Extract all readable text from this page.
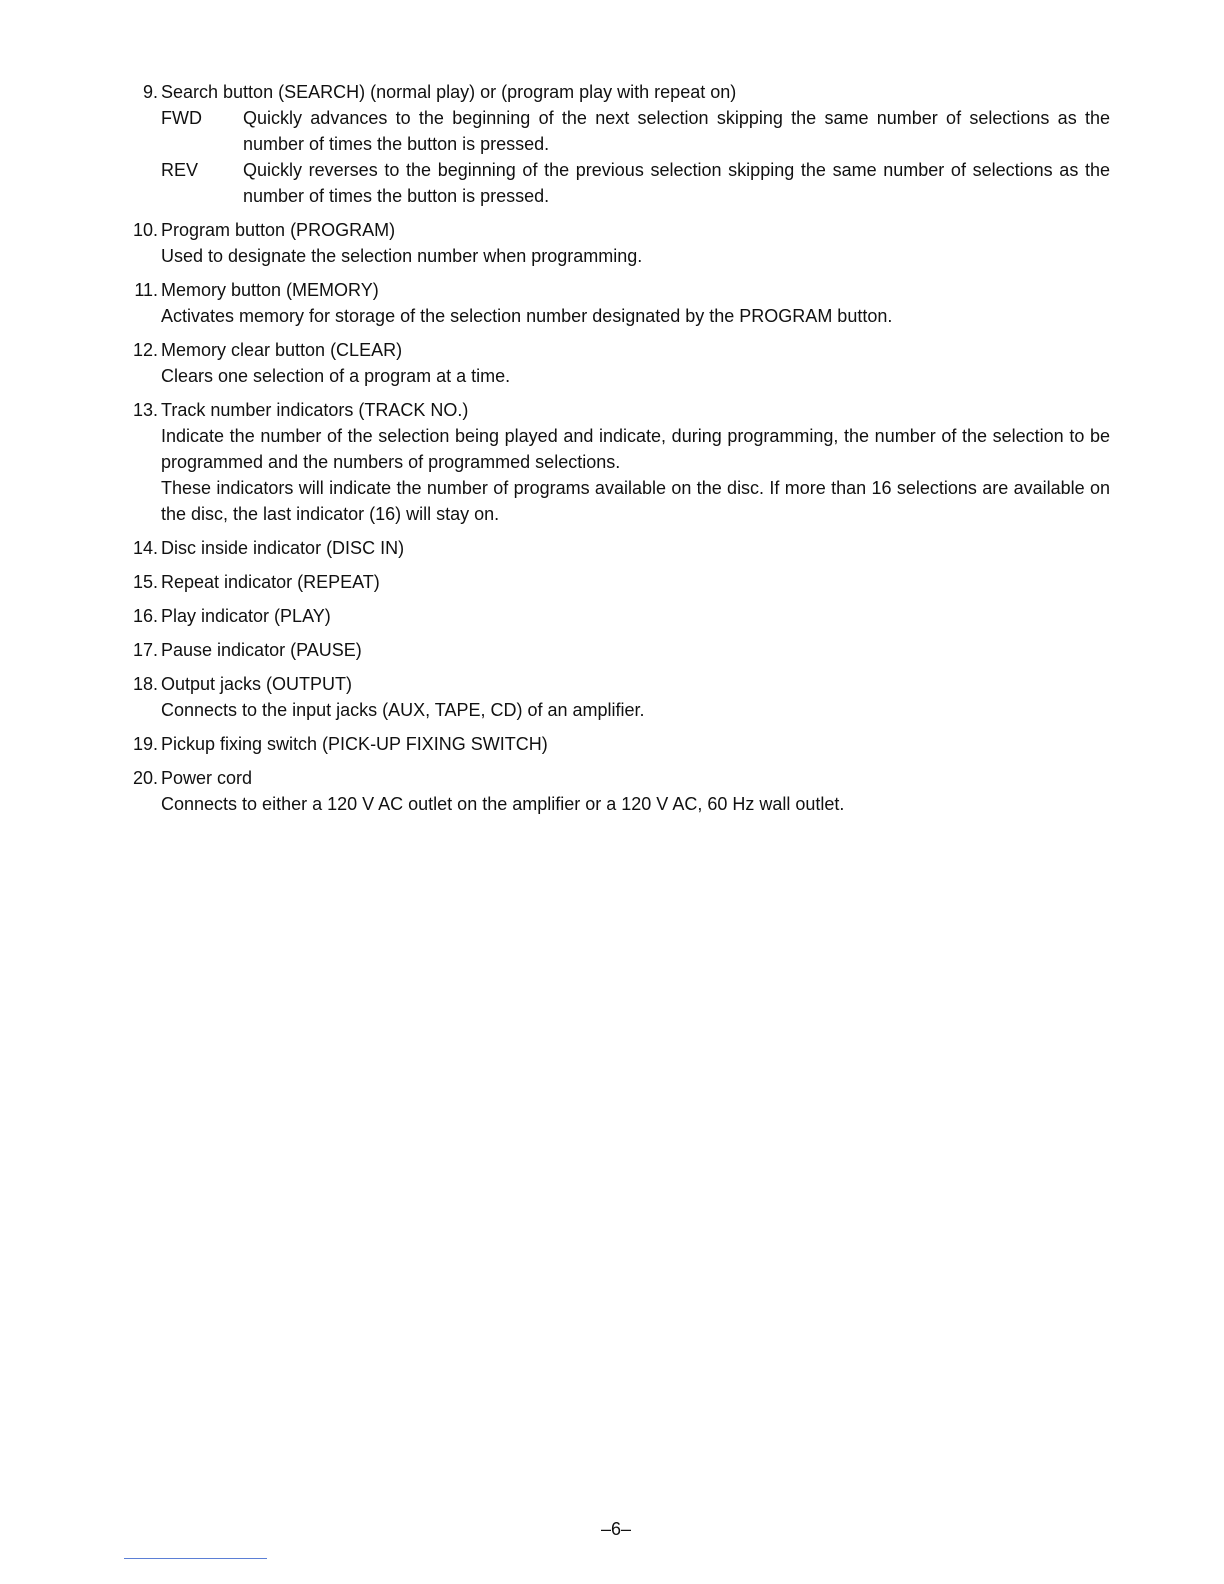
9. Search button (SEARCH) (normal play) or (program play with repeat on)
FWD Quickly advances to the beginning of the next selection skipping the same number of selections as the number of times the button is pressed.
REV Quickly reverses to the beginning of the previous selection skipping the same number of selections as the number of times the button is pressed.
10. Program button (PROGRAM)
Used to designate the selection number when programming.
11. Memory button (MEMORY)
Activates memory for storage of the selection number designated by the PROGRAM button.
12. Memory clear button (CLEAR)
Clears one selection of a program at a time.
13. Track number indicators (TRACK NO.)
Indicate the number of the selection being played and indicate, during programming, the number of the selection to be programmed and the numbers of programmed selections.
These indicators will indicate the number of programs available on the disc. If more than 16 selections are available on the disc, the last indicator (16) will stay on.
14. Disc inside indicator (DISC IN)
15. Repeat indicator (REPEAT)
16. Play indicator (PLAY)
17. Pause indicator (PAUSE)
18. Output jacks (OUTPUT)
Connects to the input jacks (AUX, TAPE, CD) of an amplifier.
19. Pickup fixing switch (PICK-UP FIXING SWITCH)
20. Power cord
Connects to either a 120 V AC outlet on the amplifier or a 120 V AC, 60 Hz wall outlet.
–6–
